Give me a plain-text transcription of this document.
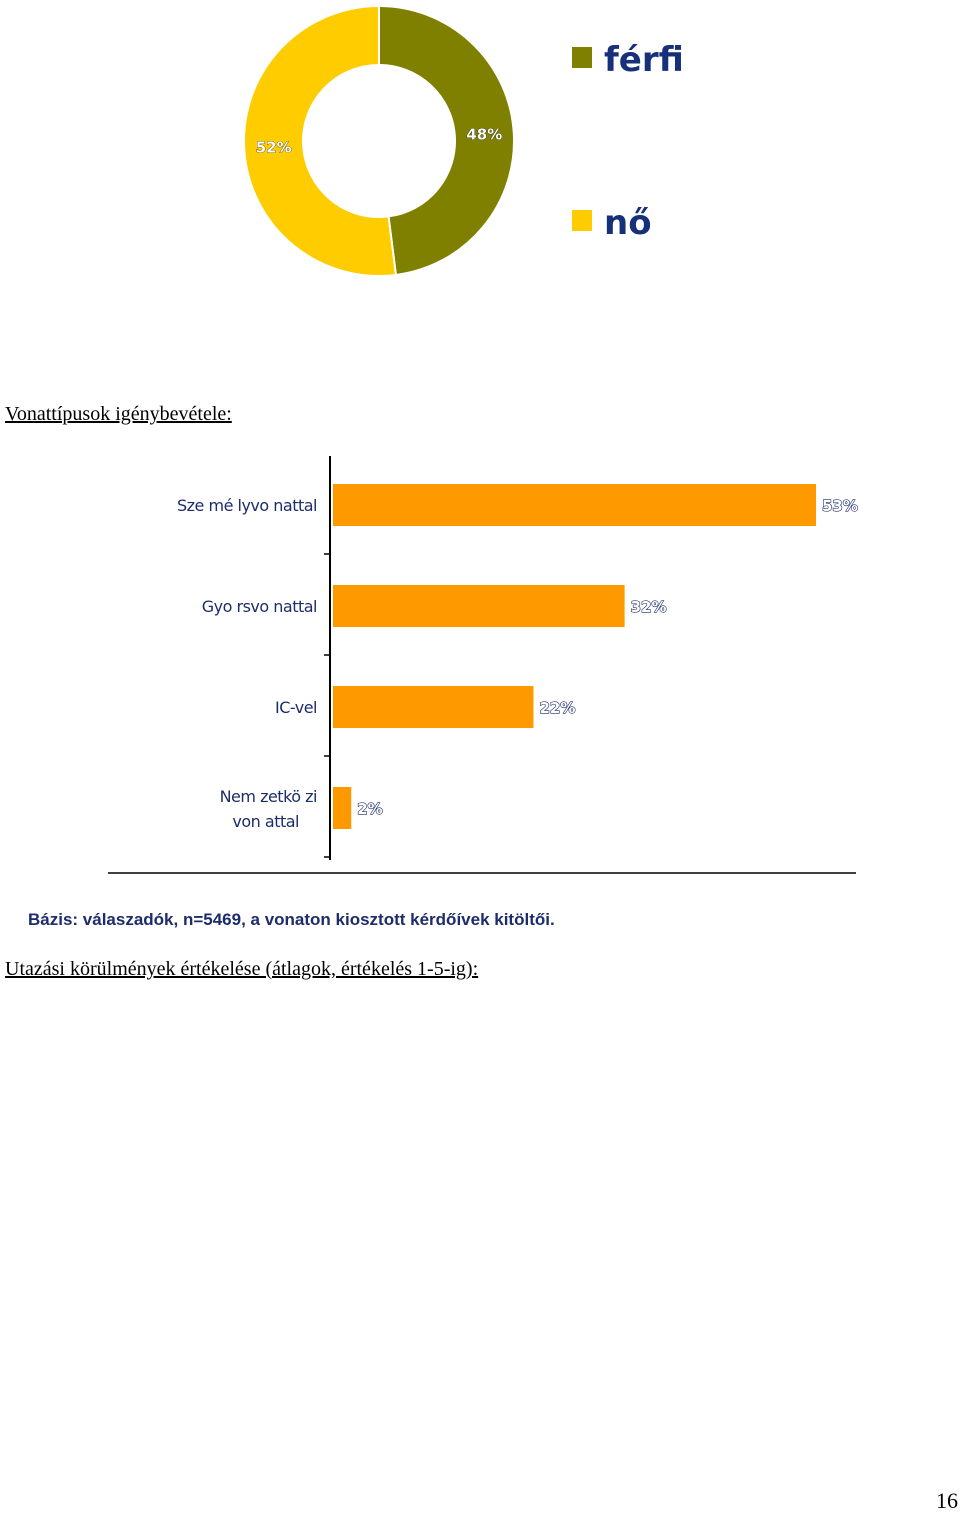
48%
52%
férfi
nő
Vonattípusok igénybevétele:
Sze mé lyvo nattal
Gyo rsvo nattal
IC-vel
Nem zetkö zi von attal
53%
32%
22%
2%
Bázis: válaszadók, n=5469, a vonaton kiosztott kérdőívek kitöltői.
Utazási körülmények értékelése (átlagok, értékelés 1-5-ig):
16
